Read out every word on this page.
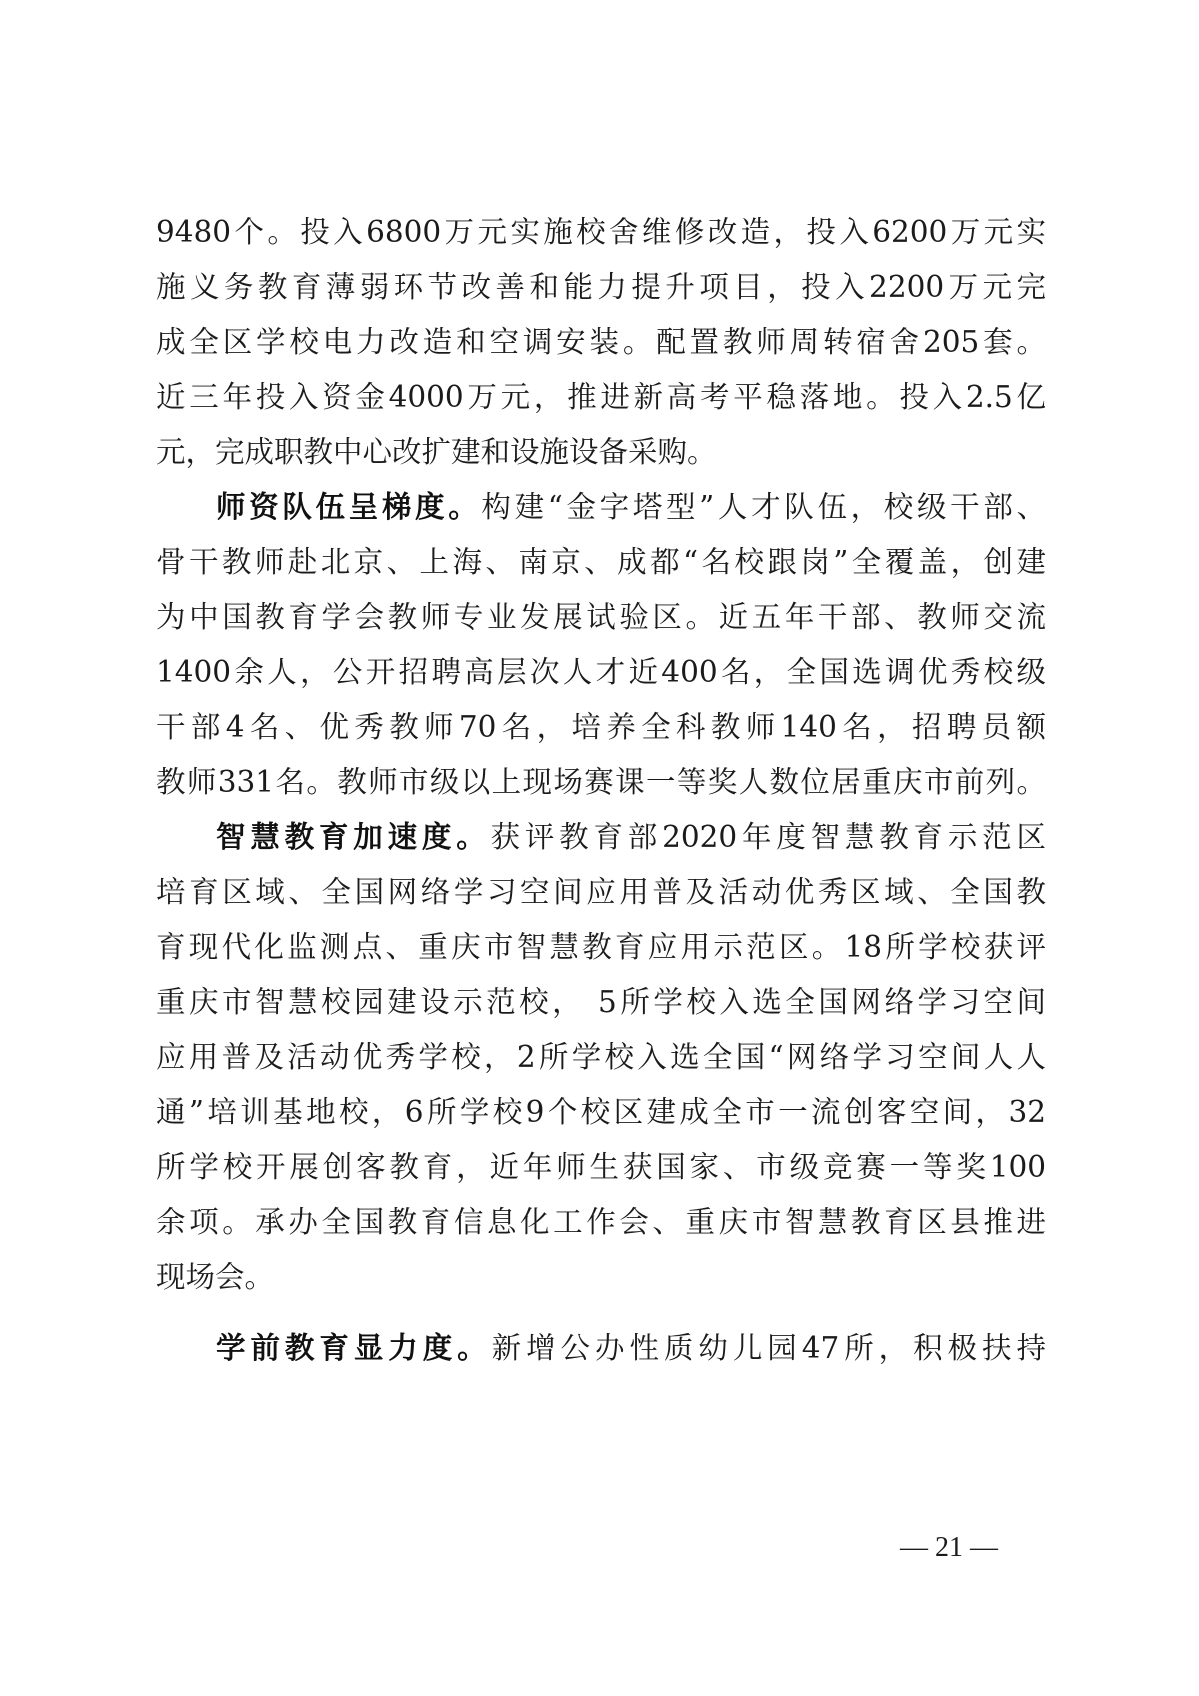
9480个。投入6800万元实施校舍维修改造，投入6200万元实

施义务教育薄弱环节改善和能力提升项目，投入2200万元完

成全区学校电力改造和空调安装。配置教师周转宿舍205套。

近三年投入资金4000万元，推进新高考平稳落地。投入2.5亿

元，完成职教中心改扩建和设施设备采购。

师资队伍呈梯度。构建“金字塔型”人才队伍，校级干部、

骨干教师赴北京、上海、南京、成都“名校跟岗”全覆盖，创建

为中国教育学会教师专业发展试验区。近五年干部、教师交流

1400余人，公开招聘高层次人才近400名，全国选调优秀校级

干部4名、优秀教师70名，培养全科教师140名，招聘员额

教师331名。教师市级以上现场赛课一等奖人数位居重庆市前列。

智慧教育加速度。获评教育部2020年度智慧教育示范区

培育区域、全国网络学习空间应用普及活动优秀区域、全国教

育现代化监测点、重庆市智慧教育应用示范区。18所学校获评

重庆市智慧校园建设示范校， 5所学校入选全国网络学习空间

应用普及活动优秀学校，2所学校入选全国“网络学习空间人人

通”培训基地校，6所学校9个校区建成全市一流创客空间，32

所学校开展创客教育，近年师生获国家、市级竞赛一等奖100

余项。承办全国教育信息化工作会、重庆市智慧教育区县推进

现场会。

学前教育显力度。新增公办性质幼儿园47所，积极扶持

— 21 —
